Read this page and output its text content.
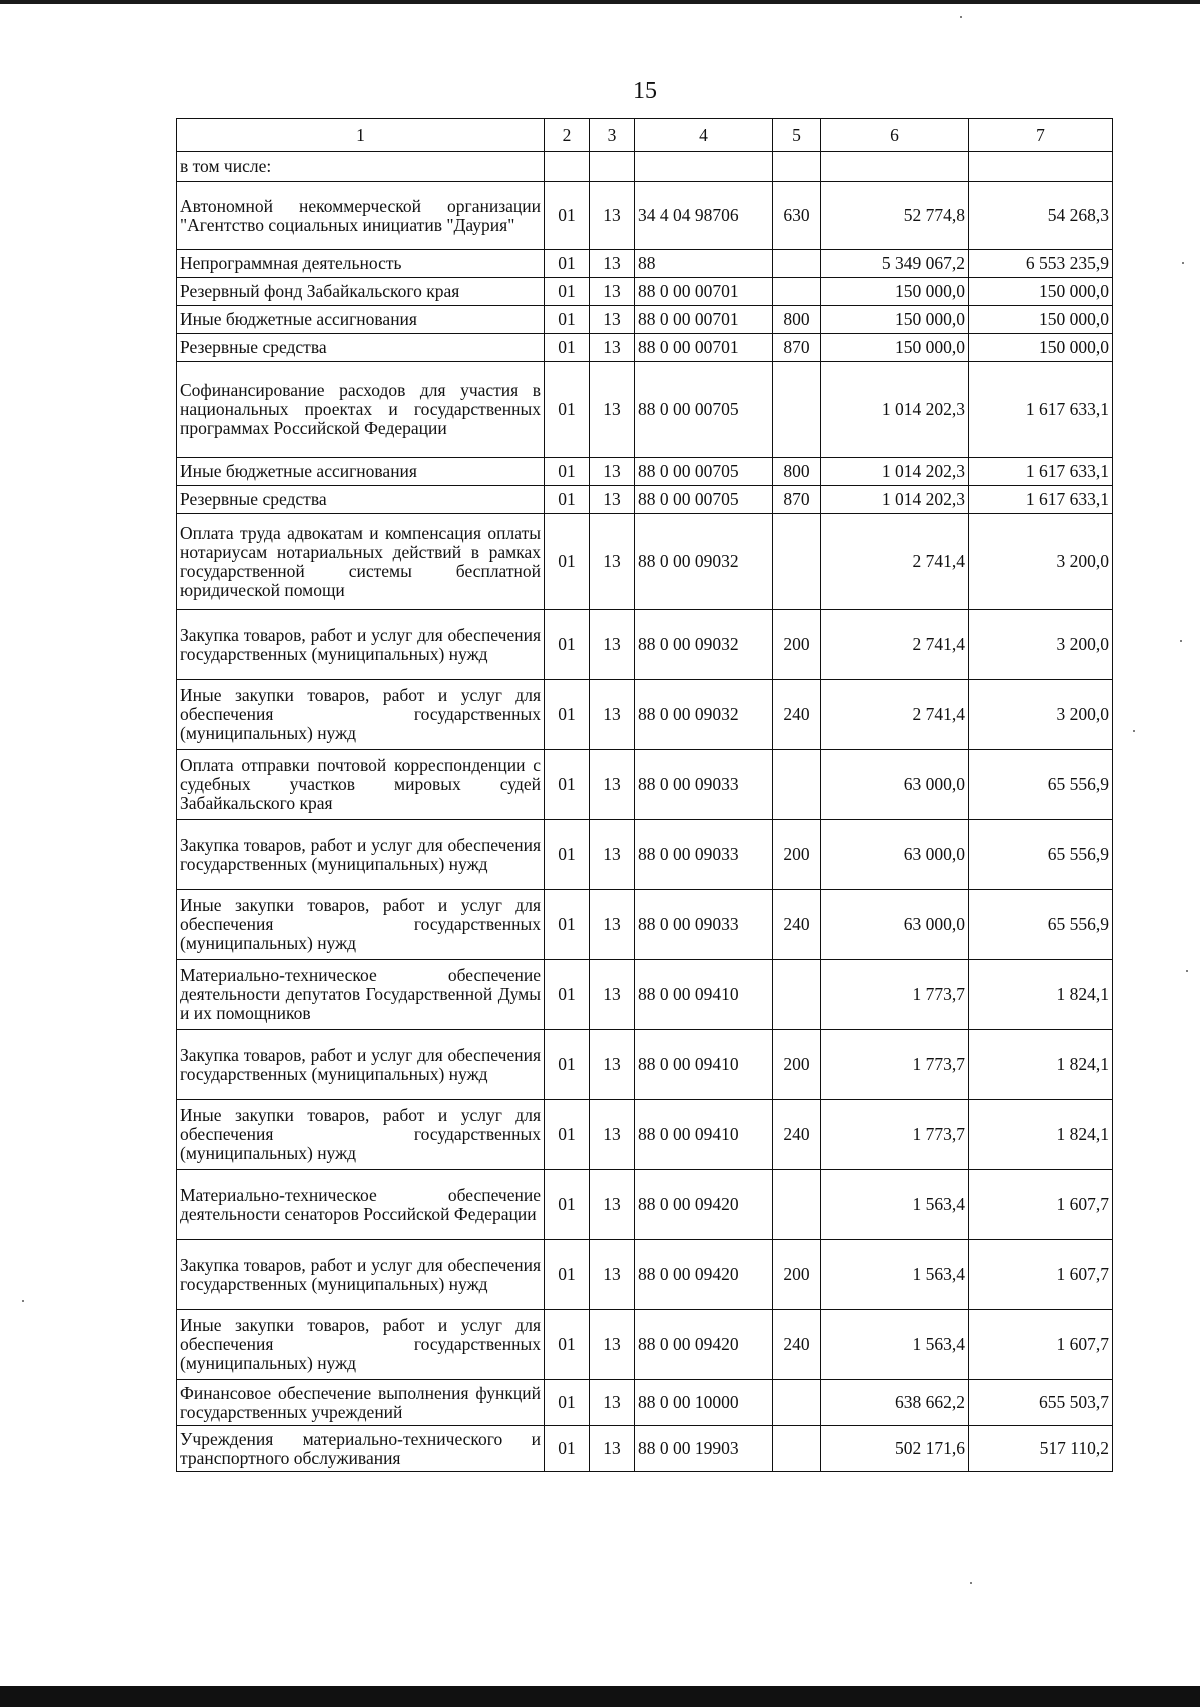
15
1	2	3	4	5	6	7
в том числе:						
Автономной некоммерческой организации "Агентство социальных инициатив "Даурия"	01	13	34 4 04 98706	630	52 774,8	54 268,3
Непрограммная деятельность	01	13	88		5 349 067,2	6 553 235,9
Резервный фонд Забайкальского края	01	13	88 0 00 00701		150 000,0	150 000,0
Иные бюджетные ассигнования	01	13	88 0 00 00701	800	150 000,0	150 000,0
Резервные средства	01	13	88 0 00 00701	870	150 000,0	150 000,0
Софинансирование расходов для участия в национальных проектах и государственных программах Российской Федерации	01	13	88 0 00 00705		1 014 202,3	1 617 633,1
Иные бюджетные ассигнования	01	13	88 0 00 00705	800	1 014 202,3	1 617 633,1
Резервные средства	01	13	88 0 00 00705	870	1 014 202,3	1 617 633,1
Оплата труда адвокатам и компенсация оплаты нотариусам нотариальных действий в рамках государственной системы бесплатной юридической помощи	01	13	88 0 00 09032		2 741,4	3 200,0
Закупка товаров, работ и услуг для обеспечения государственных (муниципальных) нужд	01	13	88 0 00 09032	200	2 741,4	3 200,0
Иные закупки товаров, работ и услуг для обеспечения государственных (муниципальных) нужд	01	13	88 0 00 09032	240	2 741,4	3 200,0
Оплата отправки почтовой корреспонденции с судебных участков мировых судей Забайкальского края	01	13	88 0 00 09033		63 000,0	65 556,9
Закупка товаров, работ и услуг для обеспечения государственных (муниципальных) нужд	01	13	88 0 00 09033	200	63 000,0	65 556,9
Иные закупки товаров, работ и услуг для обеспечения государственных (муниципальных) нужд	01	13	88 0 00 09033	240	63 000,0	65 556,9
Материально-техническое обеспечение деятельности депутатов Государственной Думы и их помощников	01	13	88 0 00 09410		1 773,7	1 824,1
Закупка товаров, работ и услуг для обеспечения государственных (муниципальных) нужд	01	13	88 0 00 09410	200	1 773,7	1 824,1
Иные закупки товаров, работ и услуг для обеспечения государственных (муниципальных) нужд	01	13	88 0 00 09410	240	1 773,7	1 824,1
Материально-техническое обеспечение деятельности сенаторов Российской Федерации	01	13	88 0 00 09420		1 563,4	1 607,7
Закупка товаров, работ и услуг для обеспечения государственных (муниципальных) нужд	01	13	88 0 00 09420	200	1 563,4	1 607,7
Иные закупки товаров, работ и услуг для обеспечения государственных (муниципальных) нужд	01	13	88 0 00 09420	240	1 563,4	1 607,7
Финансовое обеспечение выполнения функций государственных учреждений	01	13	88 0 00 10000		638 662,2	655 503,7
Учреждения материально-технического и транспортного обслуживания	01	13	88 0 00 19903		502 171,6	517 110,2
